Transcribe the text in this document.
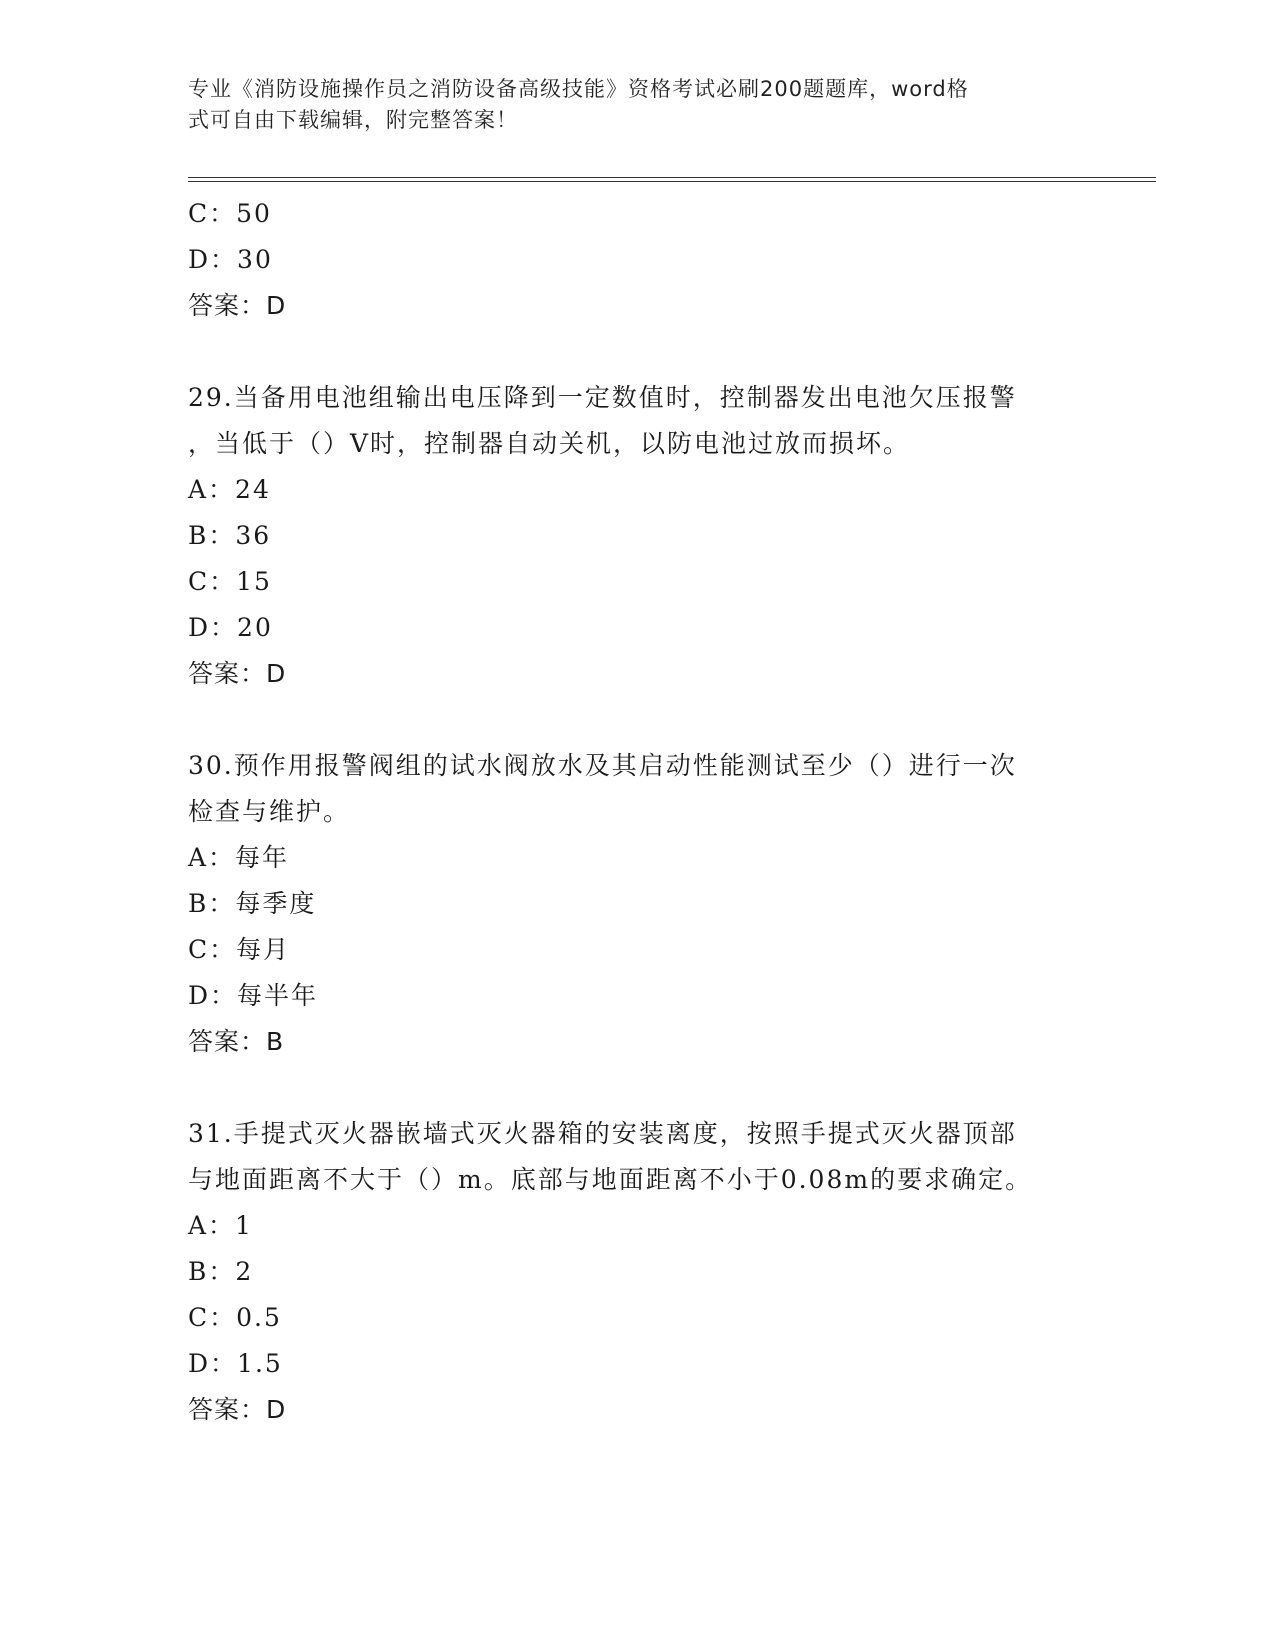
专业《消防设施操作员之消防设备高级技能》资格考试必刷200题题库，word格
式可自由下载编辑，附完整答案！
C：50
D：30
答案：D
29.当备用电池组输出电压降到一定数值时，控制器发出电池欠压报警
，当低于（）V时，控制器自动关机，以防电池过放而损坏。
A：24
B：36
C：15
D：20
答案：D
30.预作用报警阀组的试水阀放水及其启动性能测试至少（）进行一次
检查与维护。
A：每年
B：每季度
C：每月
D：每半年
答案：B
31.手提式灭火器嵌墙式灭火器箱的安装离度，按照手提式灭火器顶部
与地面距离不大于（）m。底部与地面距离不小于0.08m的要求确定。
A：1
B：2
C：0.5
D：1.5
答案：D
